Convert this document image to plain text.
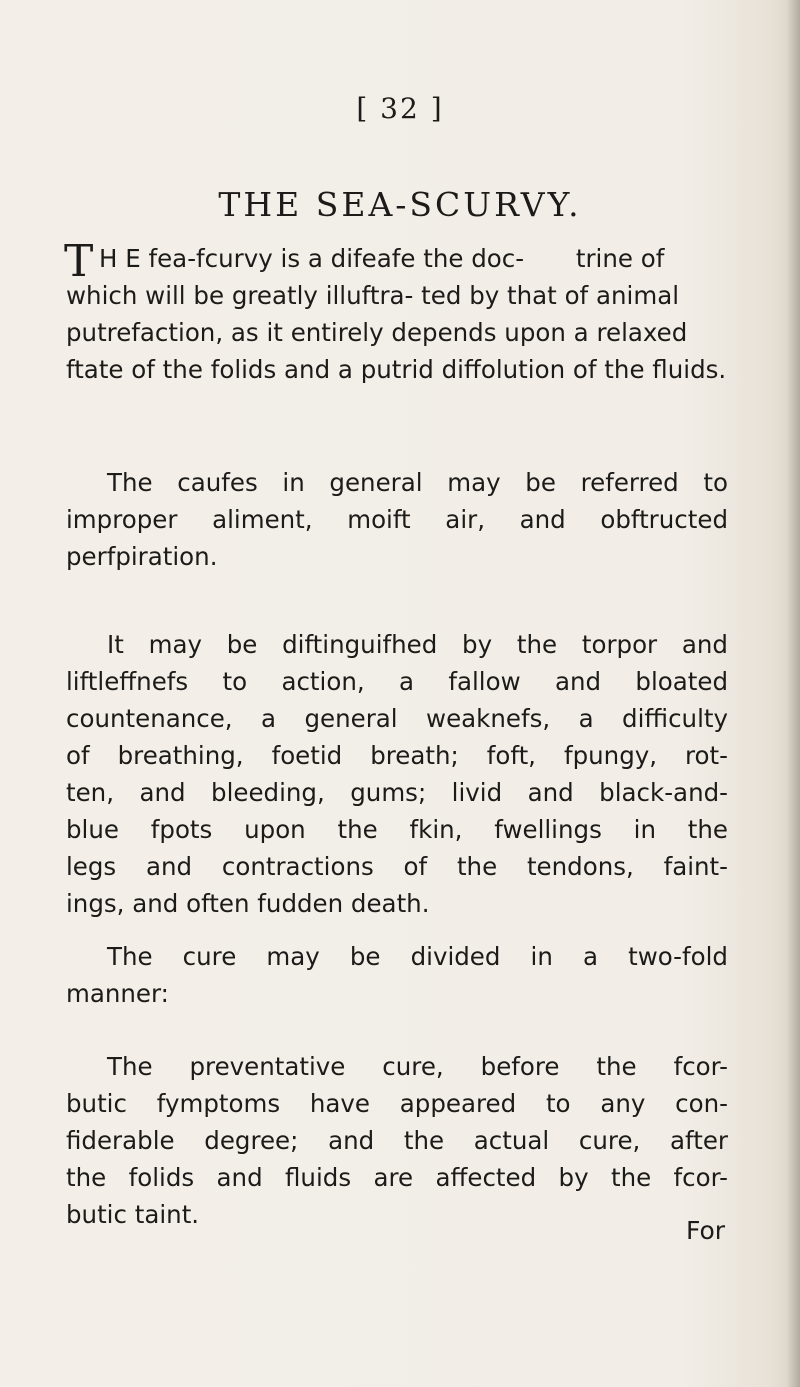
[ 32 ]
THE SEA-SCURVY.
T H E fea-fcurvy is a difeafe the doc- trine of which will be greatly illuftra- ted by that of animal putrefaction, as it entirely depends upon a relaxed ftate of the folids and a putrid diffolution of the fluids.
The caufes in general may be referred to
improper aliment, moift air, and obftructed
perfpiration.
It may be diftinguifhed by the torpor and
liftleffnefs to action, a fallow and bloated
countenance, a general weaknefs, a difficulty
of breathing, foetid breath; foft, fpungy, rot-
ten, and bleeding, gums; livid and black-and-
blue fpots upon the fkin, fwellings in the
legs and contractions of the tendons, faint-
ings, and often fudden death.
The cure may be divided in a two-fold
manner:
The preventative cure, before the fcor-
butic fymptoms have appeared to any con-
fiderable degree; and the actual cure, after
the folids and fluids are affected by the fcor-
butic taint.
For
